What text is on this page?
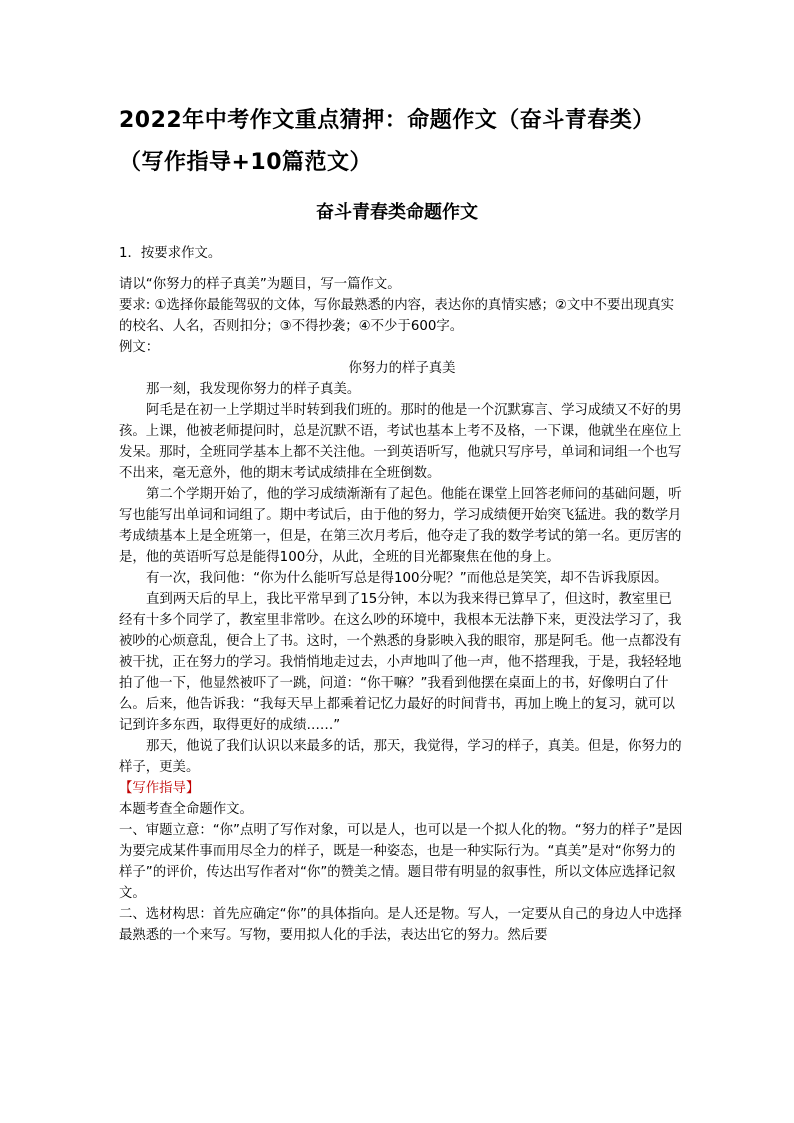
2022年中考作文重点猜押：命题作文（奋斗青春类）
（写作指导+10篇范文）
奋斗青春类命题作文

1．按要求作文。

请以“你努力的样子真美”为题目，写一篇作文。

要求: ①选择你最能驾驭的文体，写你最熟悉的内容，表达你的真情实感；②文中不要出现真实的校名、人名，否则扣分；③不得抄袭；④不少于600字。

例文：

你努力的样子真美

那一刻，我发现你努力的样子真美。

阿毛是在初一上学期过半时转到我们班的。那时的他是一个沉默寡言、学习成绩又不好的男孩。上课，他被老师提问时，总是沉默不语，考试也基本上考不及格，一下课，他就坐在座位上发呆。那时，全班同学基本上都不关注他。一到英语听写，他就只写序号，单词和词组一个也写不出来，毫无意外，他的期末考试成绩排在全班倒数。

第二个学期开始了，他的学习成绩渐渐有了起色。他能在课堂上回答老师问的基础问题，听写也能写出单词和词组了。期中考试后，由于他的努力，学习成绩便开始突飞猛进。我的数学月考成绩基本上是全班第一，但是，在第三次月考后，他夺走了我的数学考试的第一名。更厉害的是，他的英语听写总是能得100分，从此，全班的目光都聚焦在他的身上。

有一次，我问他：“你为什么能听写总是得100分呢？”而他总是笑笑，却不告诉我原因。

直到两天后的早上，我比平常早到了15分钟，本以为我来得已算早了，但这时，教室里已经有十多个同学了，教室里非常吵。在这么吵的环境中，我根本无法静下来，更没法学习了，我被吵的心烦意乱，便合上了书。这时，一个熟悉的身影映入我的眼帘，那是阿毛。他一点都没有被干扰，正在努力的学习。我悄悄地走过去，小声地叫了他一声，他不搭理我，于是，我轻轻地拍了他一下，他显然被吓了一跳，问道：“你干嘛？”我看到他摆在桌面上的书，好像明白了什么。后来，他告诉我：“我每天早上都乘着记忆力最好的时间背书，再加上晚上的复习，就可以记到许多东西，取得更好的成绩……”

那天，他说了我们认识以来最多的话，那天，我觉得，学习的样子，真美。但是，你努力的样子，更美。

【写作指导】

本题考查全命题作文。

一、审题立意：“你”点明了写作对象，可以是人，也可以是一个拟人化的物。“努力的样子”是因为要完成某件事而用尽全力的样子，既是一种姿态，也是一种实际行为。“真美”是对“你努力的样子”的评价，传达出写作者对“你”的赞美之情。题目带有明显的叙事性，所以文体应选择记叙文。

二、选材构思：首先应确定“你”的具体指向。是人还是物。写人，一定要从自己的身边人中选择最熟悉的一个来写。写物，要用拟人化的手法，表达出它的努力。然后要
